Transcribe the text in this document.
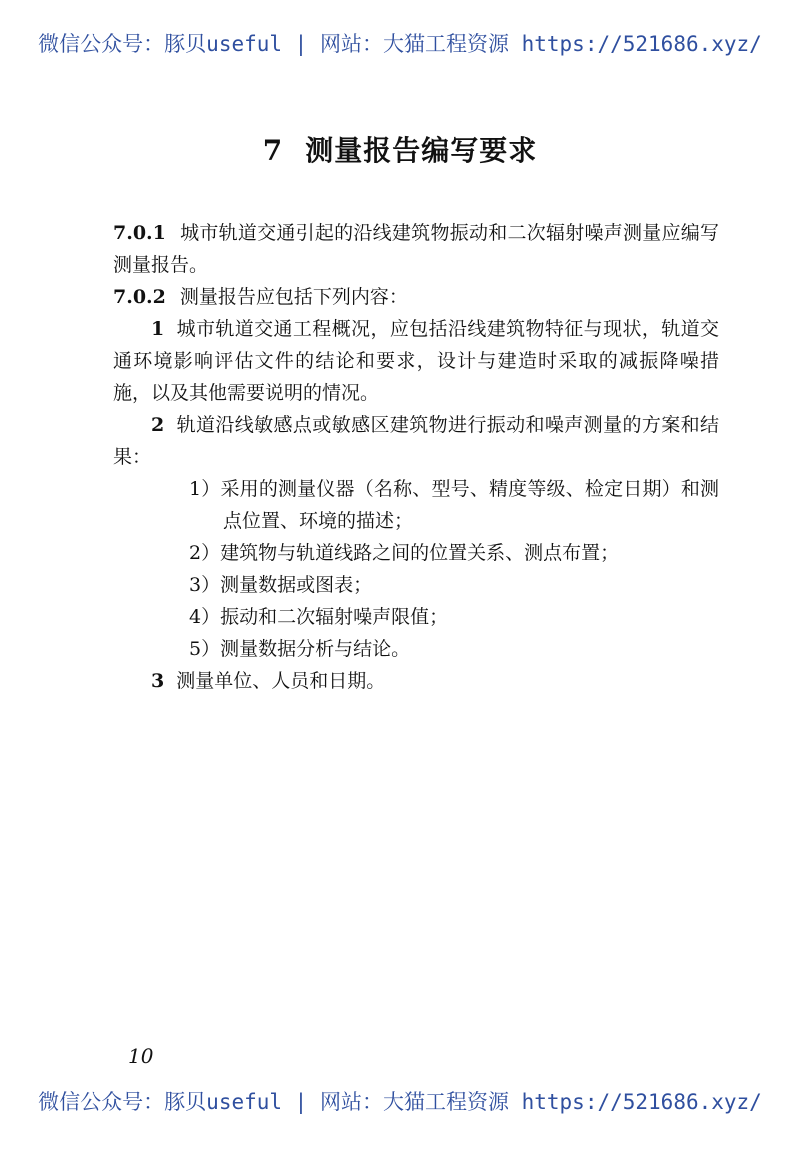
微信公众号：豚贝useful | 网站：大猫工程资源 https://521686.xyz/
7 测量报告编写要求

7.0.1 城市轨道交通引起的沿线建筑物振动和二次辐射噪声测量应编写测量报告。

7.0.2 测量报告应包括下列内容：

1 城市轨道交通工程概况，应包括沿线建筑物特征与现状，轨道交通环境影响评估文件的结论和要求，设计与建造时采取的减振降噪措施，以及其他需要说明的情况。

2 轨道沿线敏感点或敏感区建筑物进行振动和噪声测量的方案和结果：

1）采用的测量仪器（名称、型号、精度等级、检定日期）和测点位置、环境的描述；

2）建筑物与轨道线路之间的位置关系、测点布置；

3）测量数据或图表；

4）振动和二次辐射噪声限值；

5）测量数据分析与结论。

3 测量单位、人员和日期。

10
微信公众号：豚贝useful | 网站：大猫工程资源 https://521686.xyz/
